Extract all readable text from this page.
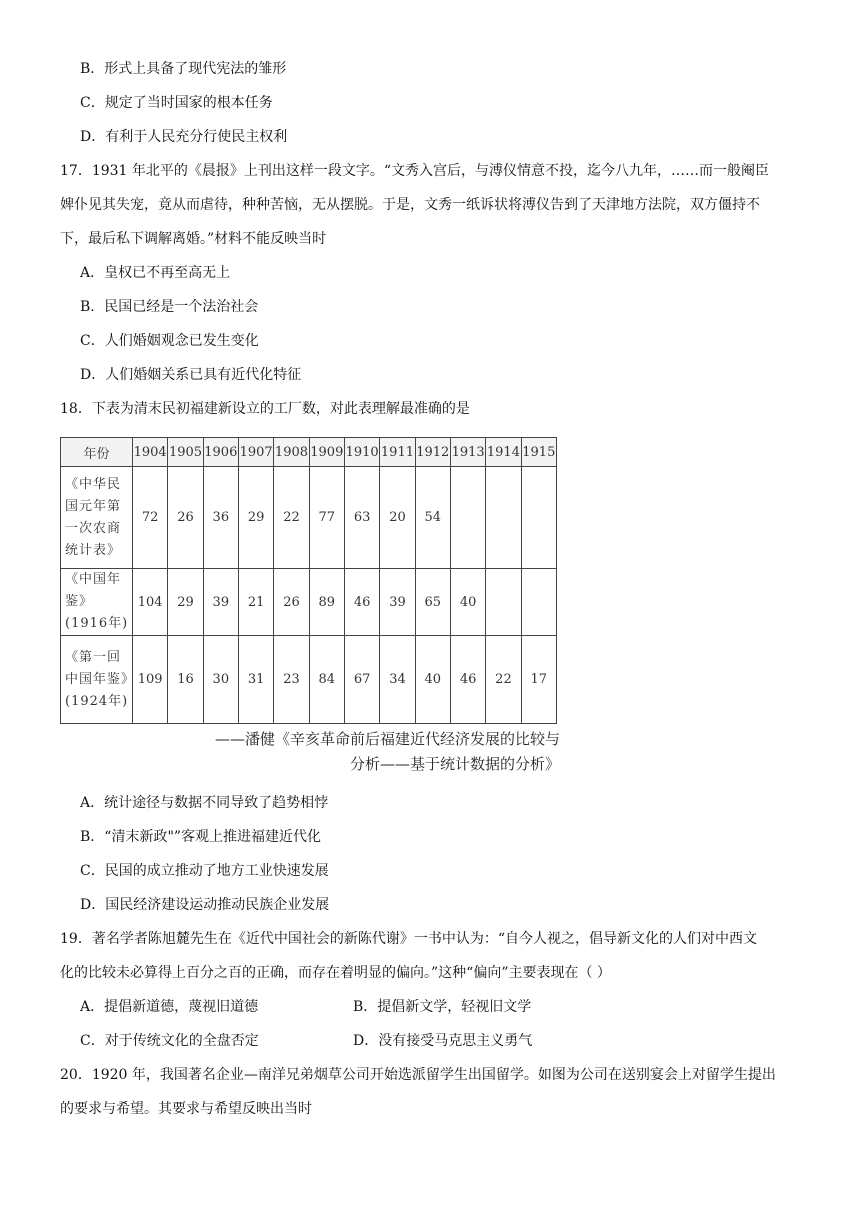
B．形式上具备了现代宪法的雏形
C．规定了当时国家的根本任务
D．有利于人民充分行使民主权利
17．1931 年北平的《晨报》上刊出这样一段文字。“文秀入宫后，与溥仪情意不投，迄今八九年，……而一般阉臣
婢仆见其失宠，竟从而虐待，种种苦恼，无从摆脱。于是，文秀一纸诉状将溥仪告到了天津地方法院，双方僵持不
下，最后私下调解离婚。”材料不能反映当时
A．皇权已不再至高无上
B．民国已经是一个法治社会
C．人们婚姻观念已发生变化
D．人们婚姻关系已具有近代化特征
18．下表为清末民初福建新设立的工厂数，对此表理解最准确的是
年份	1904	1905	1906	1907	1908	1909	1910	1911	1912	1913	1914	1915
《中华民国元年第一次农商统计表》	72	26	36	29	22	77	63	20	54			
《中国年鉴》(1916年)	104	29	39	21	26	89	46	39	65	40		
《第一回中国年鉴》(1924年)	109	16	30	31	23	84	67	34	40	46	22	17
——潘健《辛亥革命前后福建近代经济发展的比较与
分析——基于统计数据的分析》
A．统计途径与数据不同导致了趋势相悖
B．“清末新政"”客观上推进福建近代化
C．民国的成立推动了地方工业快速发展
D．国民经济建设运动推动民族企业发展
19．著名学者陈旭麓先生在《近代中国社会的新陈代谢》一书中认为：“自今人视之，倡导新文化的人们对中西文
化的比较未必算得上百分之百的正确，而存在着明显的偏向。”这种“偏向”主要表现在（ ）
A．提倡新道德，蔑视旧道德	B．提倡新文学，轻视旧文学
C．对于传统文化的全盘否定	D．没有接受马克思主义勇气
20．1920 年，我国著名企业—南洋兄弟烟草公司开始选派留学生出国留学。如图为公司在送别宴会上对留学生提出
的要求与希望。其要求与希望反映出当时
